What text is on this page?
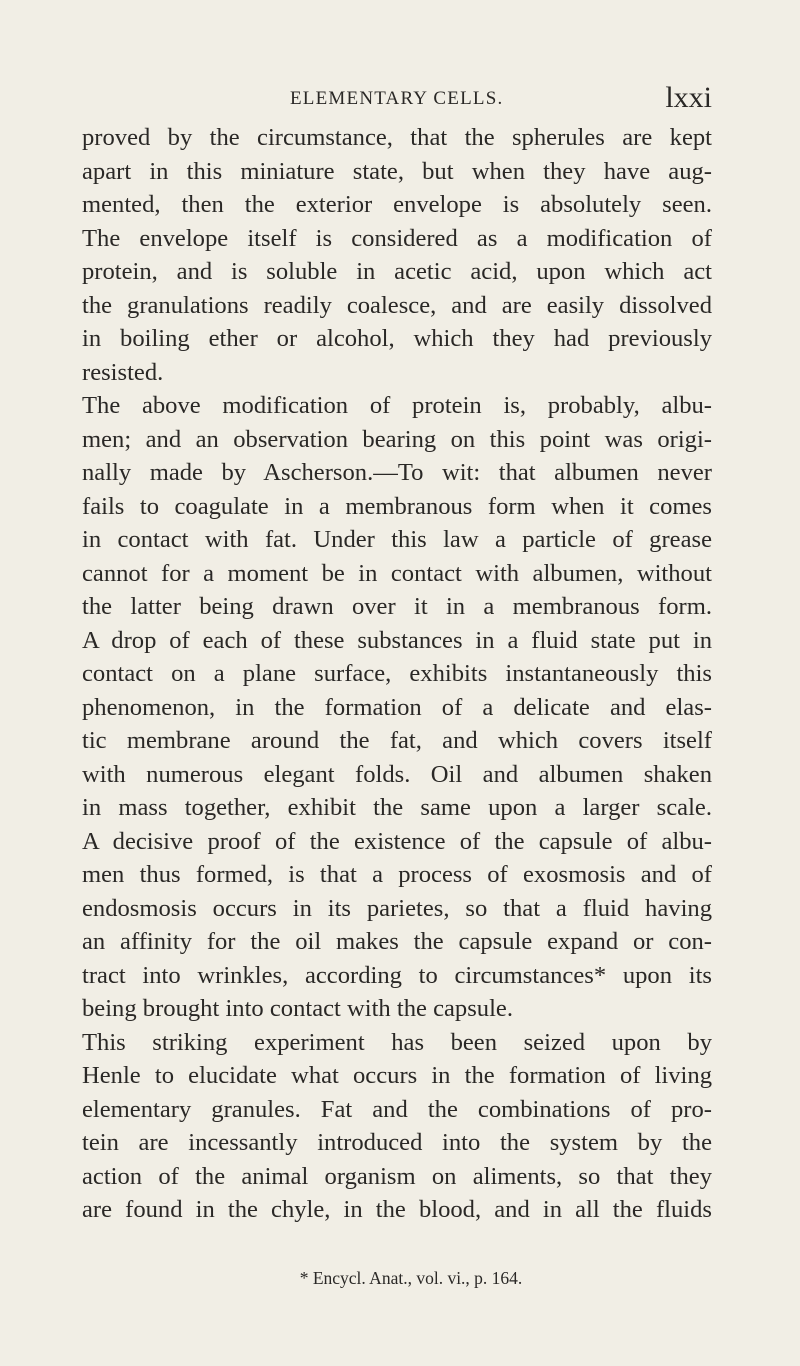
ELEMENTARY CELLS.	lxxi
proved by the circumstance, that the spherules are kept
apart in this miniature state, but when they have aug-
mented, then the exterior envelope is absolutely seen.
The envelope itself is considered as a modification of
protein, and is soluble in acetic acid, upon which act
the granulations readily coalesce, and are easily dissolved
in boiling ether or alcohol, which they had previously
resisted.
The above modification of protein is, probably, albu-
men; and an observation bearing on this point was origi-
nally made by Ascherson.—To wit: that albumen never
fails to coagulate in a membranous form when it comes
in contact with fat. Under this law a particle of grease
cannot for a moment be in contact with albumen, without
the latter being drawn over it in a membranous form.
A drop of each of these substances in a fluid state put in
contact on a plane surface, exhibits instantaneously this
phenomenon, in the formation of a delicate and elas-
tic membrane around the fat, and which covers itself
with numerous elegant folds. Oil and albumen shaken
in mass together, exhibit the same upon a larger scale.
A decisive proof of the existence of the capsule of albu-
men thus formed, is that a process of exosmosis and of
endosmosis occurs in its parietes, so that a fluid having
an affinity for the oil makes the capsule expand or con-
tract into wrinkles, according to circumstances* upon its
being brought into contact with the capsule.
This striking experiment has been seized upon by
Henle to elucidate what occurs in the formation of living
elementary granules. Fat and the combinations of pro-
tein are incessantly introduced into the system by the
action of the animal organism on aliments, so that they
are found in the chyle, in the blood, and in all the fluids
* Encycl. Anat., vol. vi., p. 164.
